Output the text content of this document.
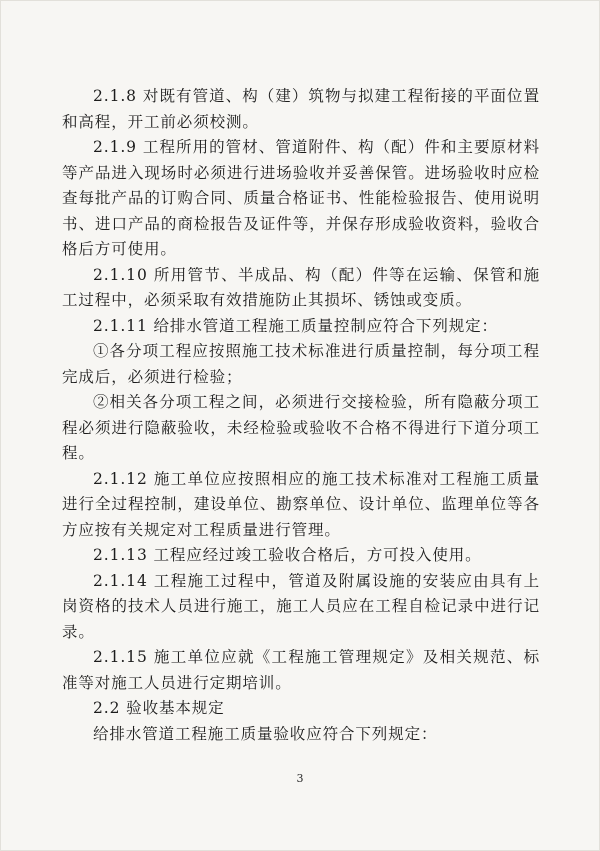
2.1.8 对既有管道、构（建）筑物与拟建工程衔接的平面位置和高程，开工前必须校测。

2.1.9 工程所用的管材、管道附件、构（配）件和主要原材料等产品进入现场时必须进行进场验收并妥善保管。进场验收时应检查每批产品的订购合同、质量合格证书、性能检验报告、使用说明书、进口产品的商检报告及证件等，并保存形成验收资料，验收合格后方可使用。

2.1.10 所用管节、半成品、构（配）件等在运输、保管和施工过程中，必须采取有效措施防止其损坏、锈蚀或变质。

2.1.11 给排水管道工程施工质量控制应符合下列规定：

①各分项工程应按照施工技术标准进行质量控制，每分项工程完成后，必须进行检验；

②相关各分项工程之间，必须进行交接检验，所有隐蔽分项工程必须进行隐蔽验收，未经检验或验收不合格不得进行下道分项工程。

2.1.12 施工单位应按照相应的施工技术标准对工程施工质量进行全过程控制，建设单位、勘察单位、设计单位、监理单位等各方应按有关规定对工程质量进行管理。

2.1.13 工程应经过竣工验收合格后，方可投入使用。

2.1.14 工程施工过程中，管道及附属设施的安装应由具有上岗资格的技术人员进行施工，施工人员应在工程自检记录中进行记录。

2.1.15 施工单位应就《工程施工管理规定》及相关规范、标准等对施工人员进行定期培训。

2.2 验收基本规定

给排水管道工程施工质量验收应符合下列规定：

3
